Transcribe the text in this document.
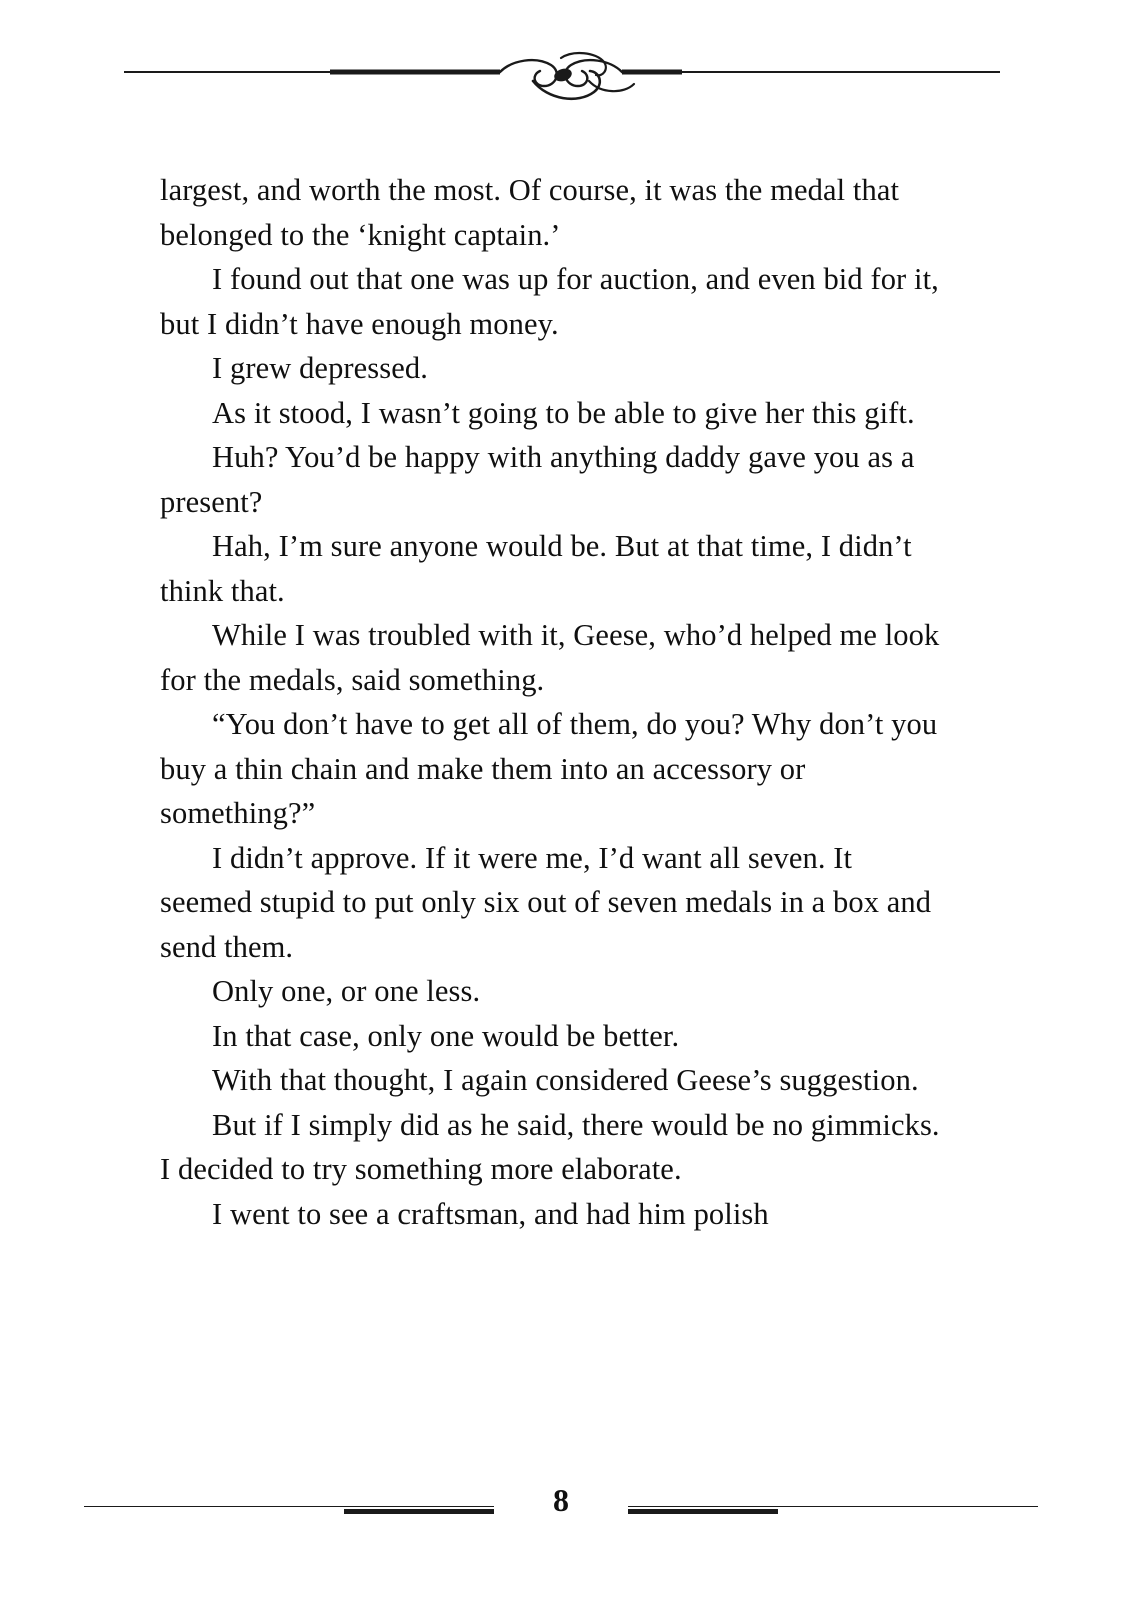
largest, and worth the most. Of course, it was the medal that belonged to the ‘knight captain.’

I found out that one was up for auction, and even bid for it, but I didn’t have enough money.

I grew depressed.

As it stood, I wasn’t going to be able to give her this gift.

Huh? You’d be happy with anything daddy gave you as a present?

Hah, I’m sure anyone would be. But at that time, I didn’t think that.

While I was troubled with it, Geese, who’d helped me look for the medals, said something.

“You don’t have to get all of them, do you? Why don’t you buy a thin chain and make them into an accessory or something?”

I didn’t approve. If it were me, I’d want all seven. It seemed stupid to put only six out of seven medals in a box and send them.

Only one, or one less.

In that case, only one would be better.

With that thought, I again considered Geese’s suggestion.

But if I simply did as he said, there would be no gimmicks. I decided to try something more elaborate.

I went to see a craftsman, and had him polish

8
